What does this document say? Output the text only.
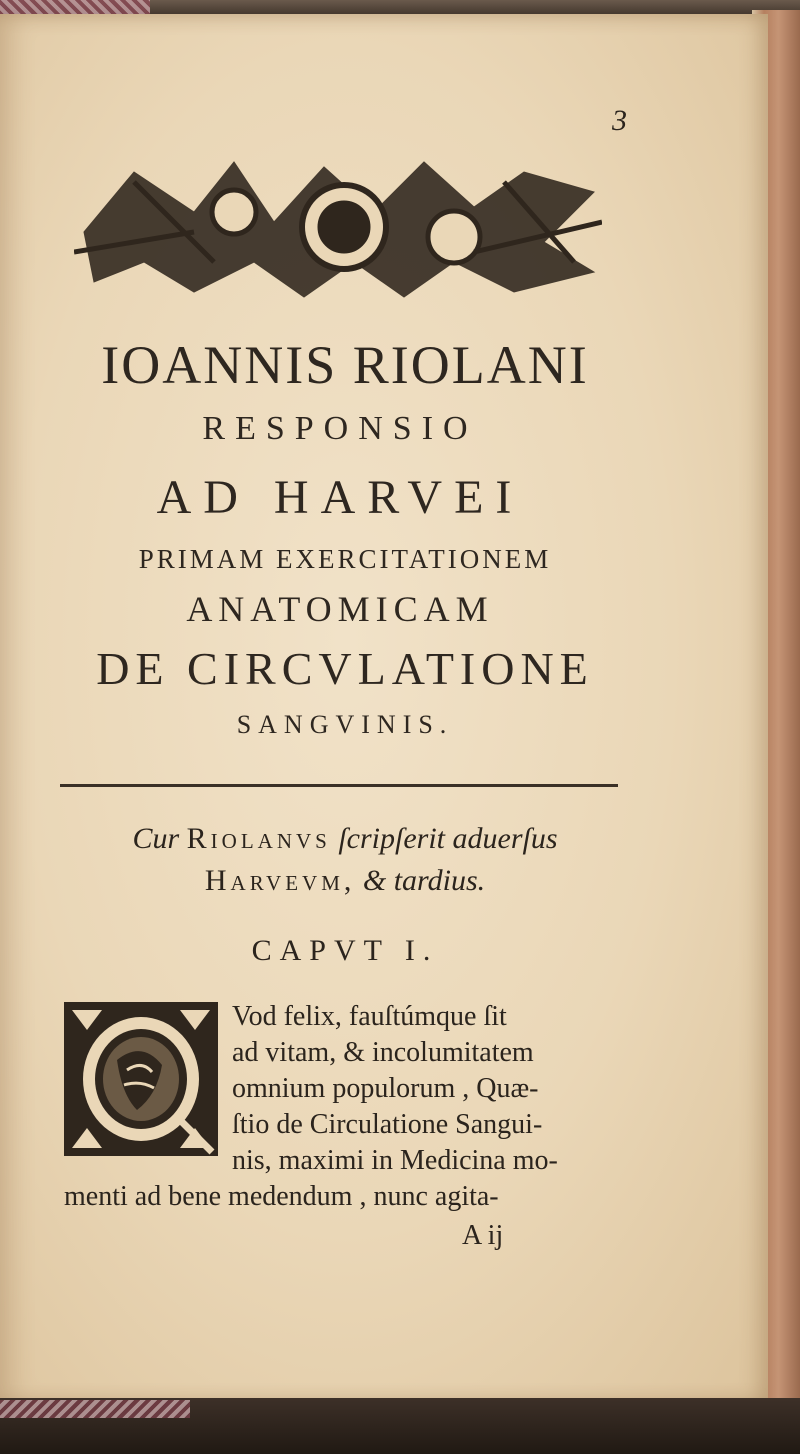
3
IOANNIS RIOLANI
RESPONSIO
AD HARVEI
PRIMAM EXERCITATIONEM
ANATOMICAM
DE CIRCVLATIONE
SANGVINIS.
Cur Riolanvs ſcripſerit aduerſus
Harvevm, & tardius.
CAPVT I.
Vod felix, fauſtúmque ſit
ad vitam, & incolumitatem
omnium populorum , Quæ-
ſtio de Circulatione Sangui-
nis, maximi in Medicina mo-
menti ad bene medendum , nunc agita-
A ij
